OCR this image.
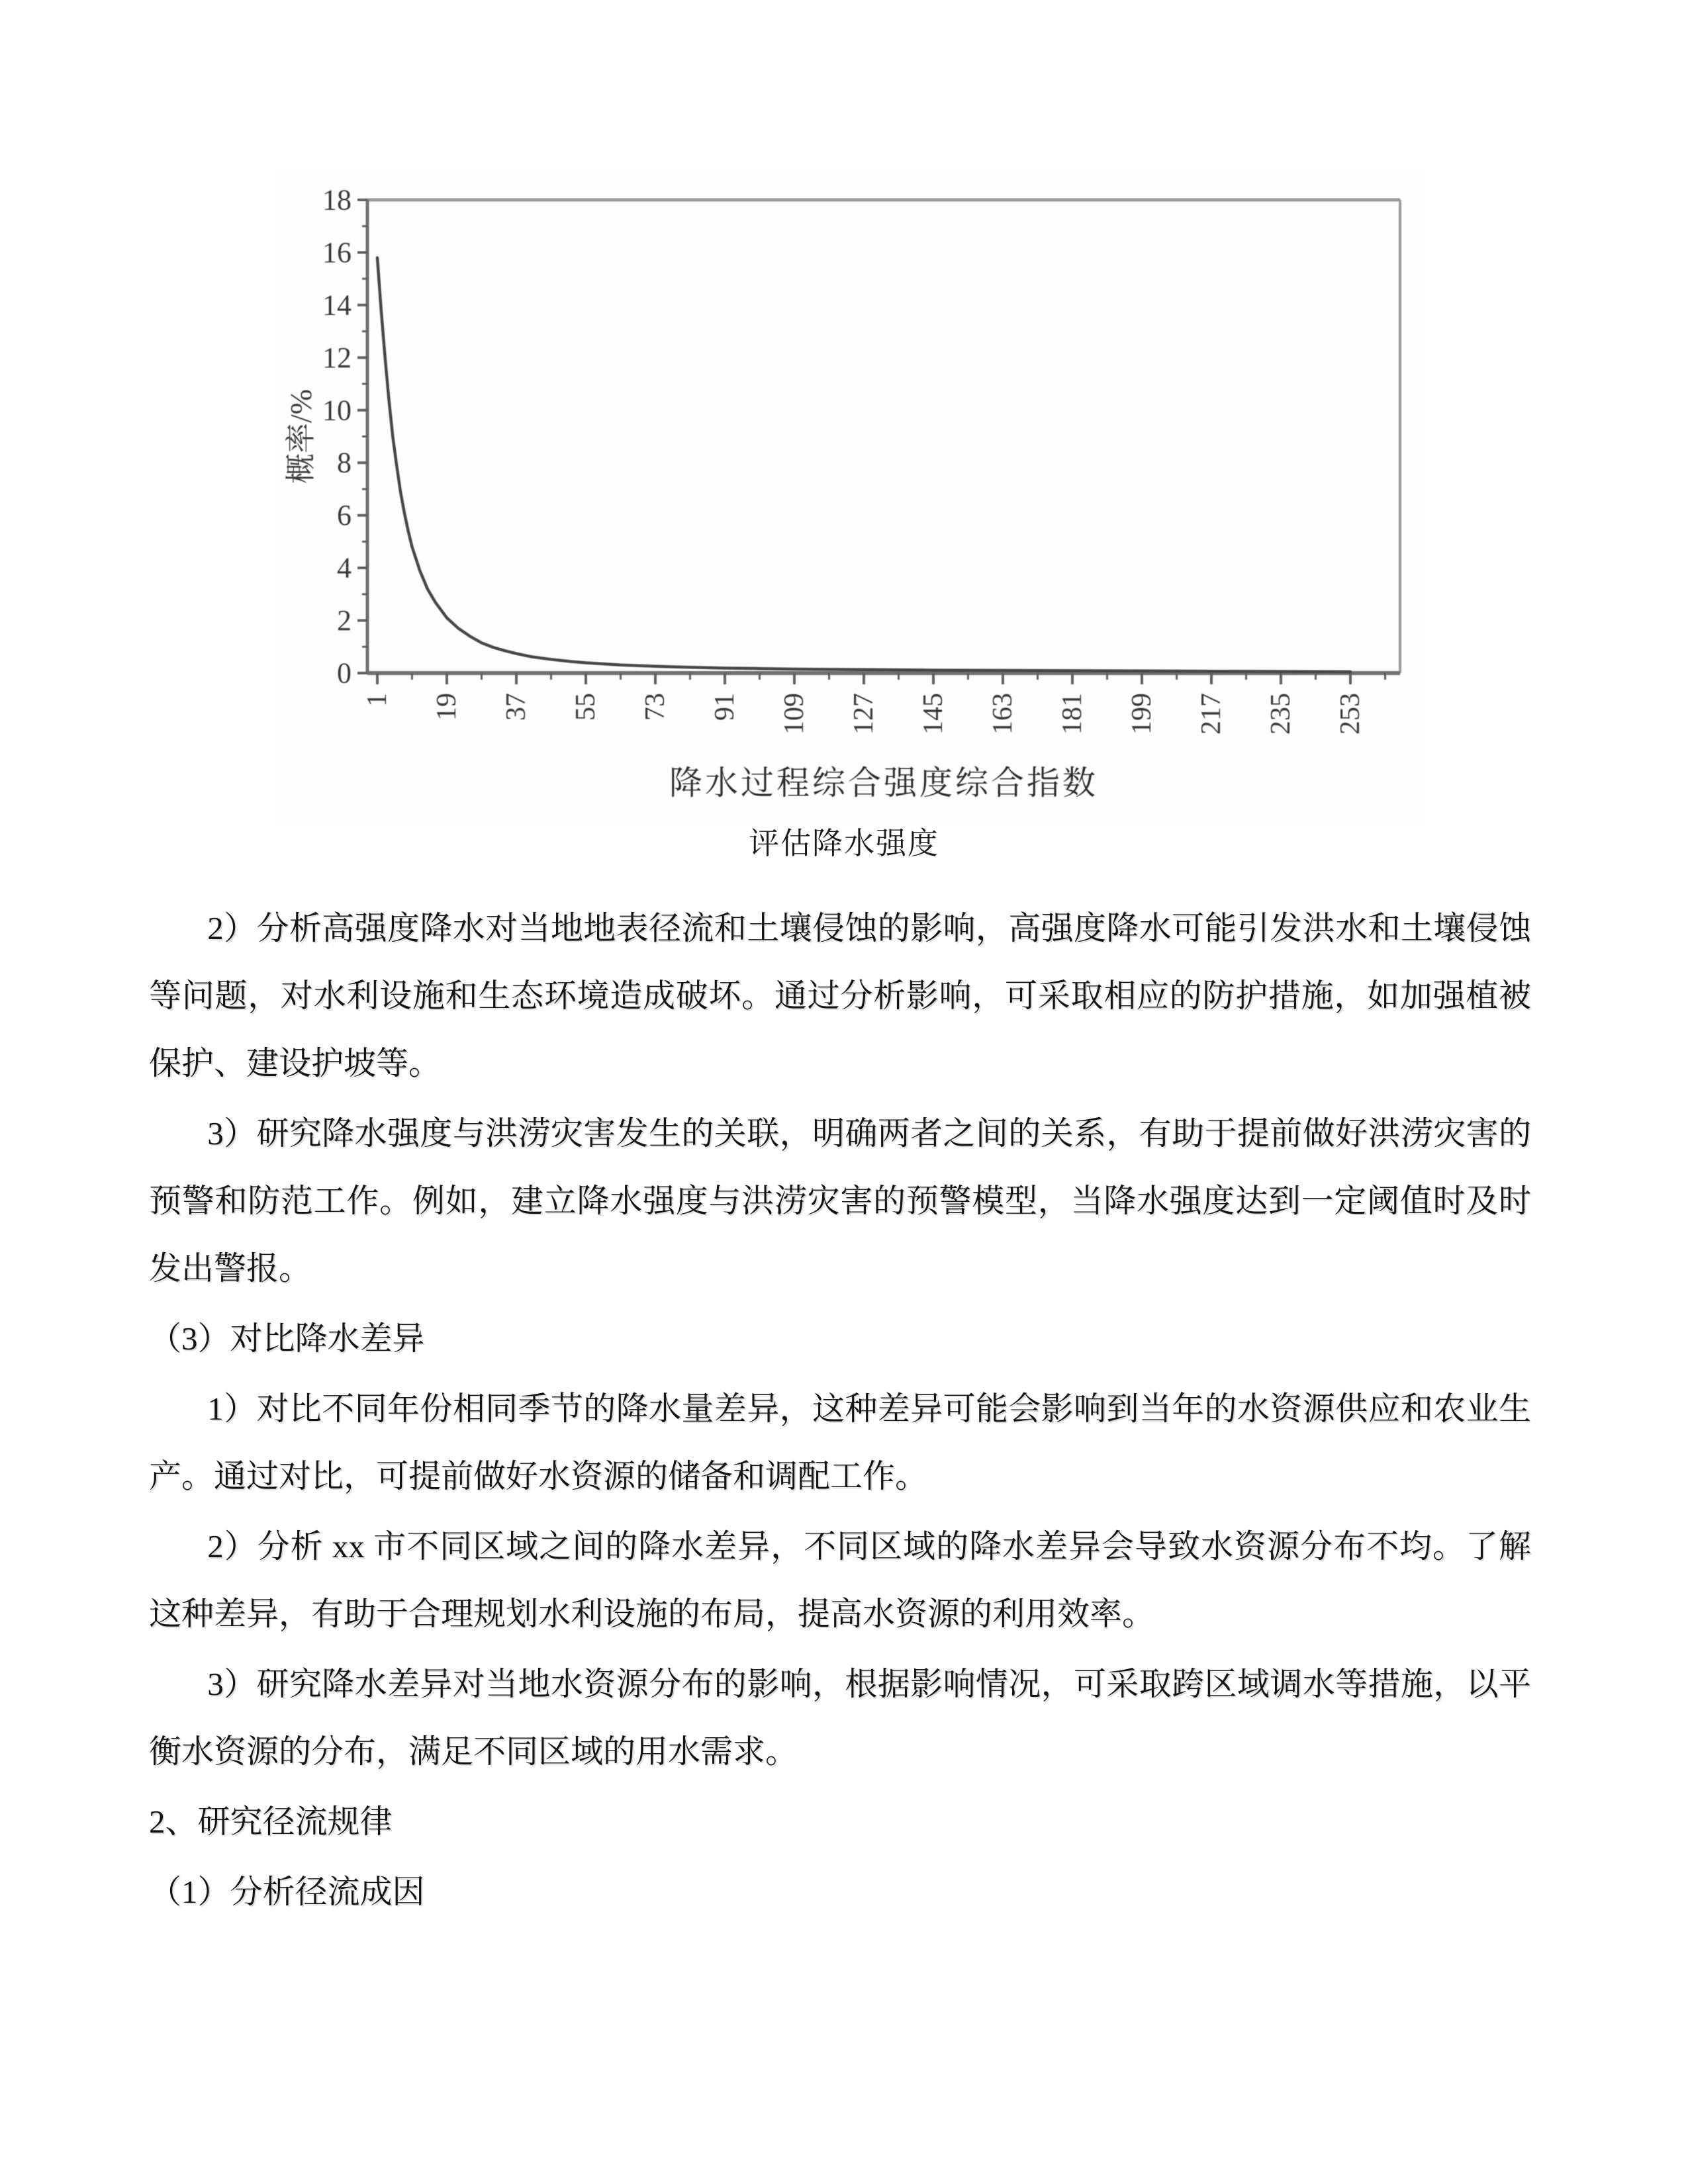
0
2
4
6
8
10
12
14
16
18
1 19 37 55 73 91 109 127 145 163 181 199 217 235 253
概率/%
降水过程综合强度综合指数
评估降水强度

2）分析高强度降水对当地地表径流和土壤侵蚀的影响，高强度降水可能引发洪水和土壤侵蚀等问题，对水利设施和生态环境造成破坏。通过分析影响，可采取相应的防护措施，如加强植被保护、建设护坡等。

3）研究降水强度与洪涝灾害发生的关联，明确两者之间的关系，有助于提前做好洪涝灾害的预警和防范工作。例如，建立降水强度与洪涝灾害的预警模型，当降水强度达到一定阈值时及时发出警报。

（3）对比降水差异

1）对比不同年份相同季节的降水量差异，这种差异可能会影响到当年的水资源供应和农业生产。通过对比，可提前做好水资源的储备和调配工作。

2）分析 xx 市不同区域之间的降水差异，不同区域的降水差异会导致水资源分布不均。了解这种差异，有助于合理规划水利设施的布局，提高水资源的利用效率。

3）研究降水差异对当地水资源分布的影响，根据影响情况，可采取跨区域调水等措施，以平衡水资源的分布，满足不同区域的用水需求。

2、研究径流规律

（1）分析径流成因
